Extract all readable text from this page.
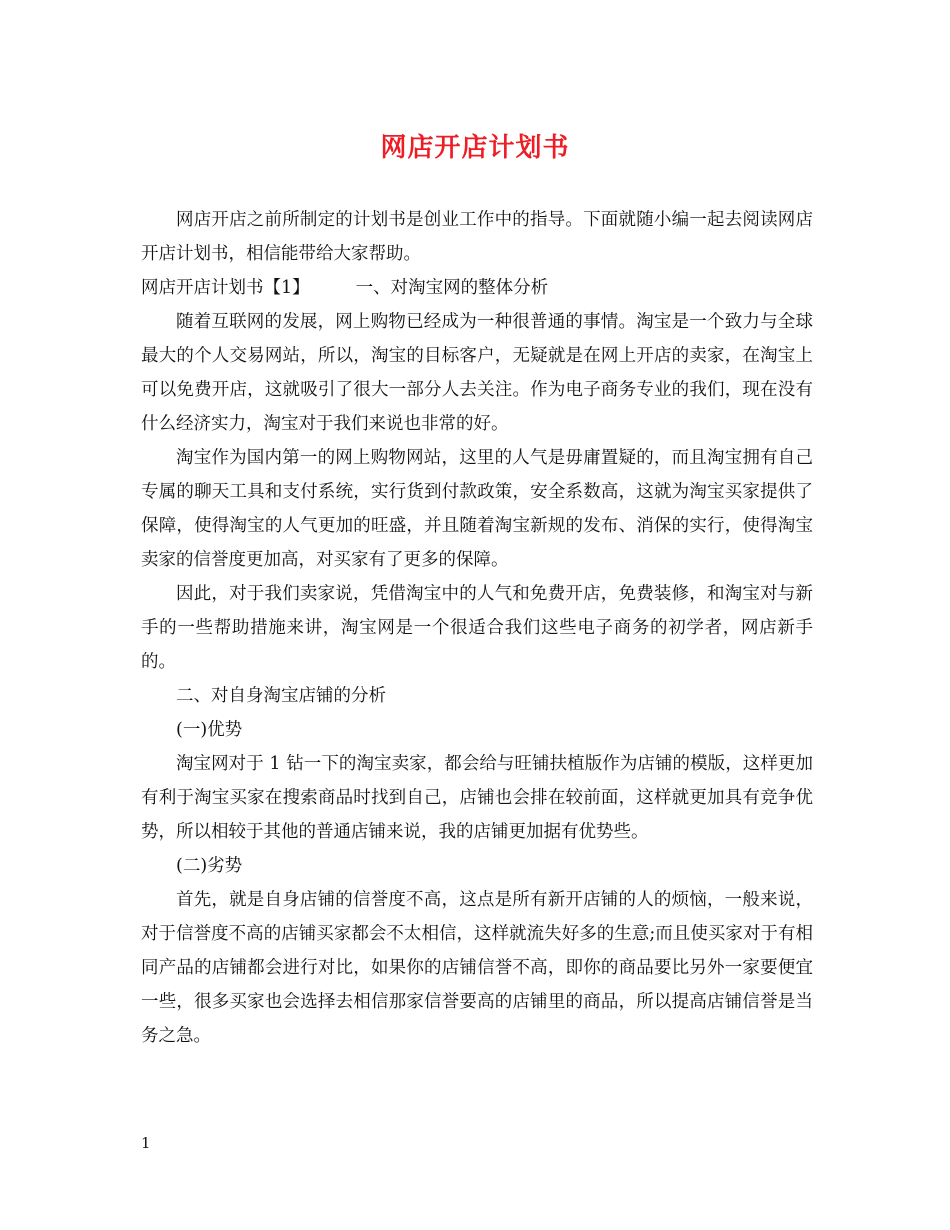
网店开店计划书

网店开店之前所制定的计划书是创业工作中的指导。下面就随小编一起去阅读网店开店计划书，相信能带给大家帮助。

网店开店计划书【1】	一、对淘宝网的整体分析

随着互联网的发展，网上购物已经成为一种很普通的事情。淘宝是一个致力与全球最大的个人交易网站，所以，淘宝的目标客户，无疑就是在网上开店的卖家，在淘宝上可以免费开店，这就吸引了很大一部分人去关注。作为电子商务专业的我们，现在没有什么经济实力，淘宝对于我们来说也非常的好。

淘宝作为国内第一的网上购物网站，这里的人气是毋庸置疑的，而且淘宝拥有自己专属的聊天工具和支付系统，实行货到付款政策，安全系数高，这就为淘宝买家提供了保障，使得淘宝的人气更加的旺盛，并且随着淘宝新规的发布、消保的实行，使得淘宝卖家的信誉度更加高，对买家有了更多的保障。

因此，对于我们卖家说，凭借淘宝中的人气和免费开店，免费装修，和淘宝对与新手的一些帮助措施来讲，淘宝网是一个很适合我们这些电子商务的初学者，网店新手的。

二、对自身淘宝店铺的分析

(一)优势

淘宝网对于 1 钻一下的淘宝卖家，都会给与旺铺扶植版作为店铺的模版，这样更加有利于淘宝买家在搜索商品时找到自己，店铺也会排在较前面，这样就更加具有竞争优势，所以相较于其他的普通店铺来说，我的店铺更加据有优势些。

(二)劣势

首先，就是自身店铺的信誉度不高，这点是所有新开店铺的人的烦恼，一般来说，对于信誉度不高的店铺买家都会不太相信，这样就流失好多的生意;而且使买家对于有相同产品的店铺都会进行对比，如果你的店铺信誉不高，即你的商品要比另外一家要便宜一些，很多买家也会选择去相信那家信誉要高的店铺里的商品，所以提高店铺信誉是当务之急。

1
